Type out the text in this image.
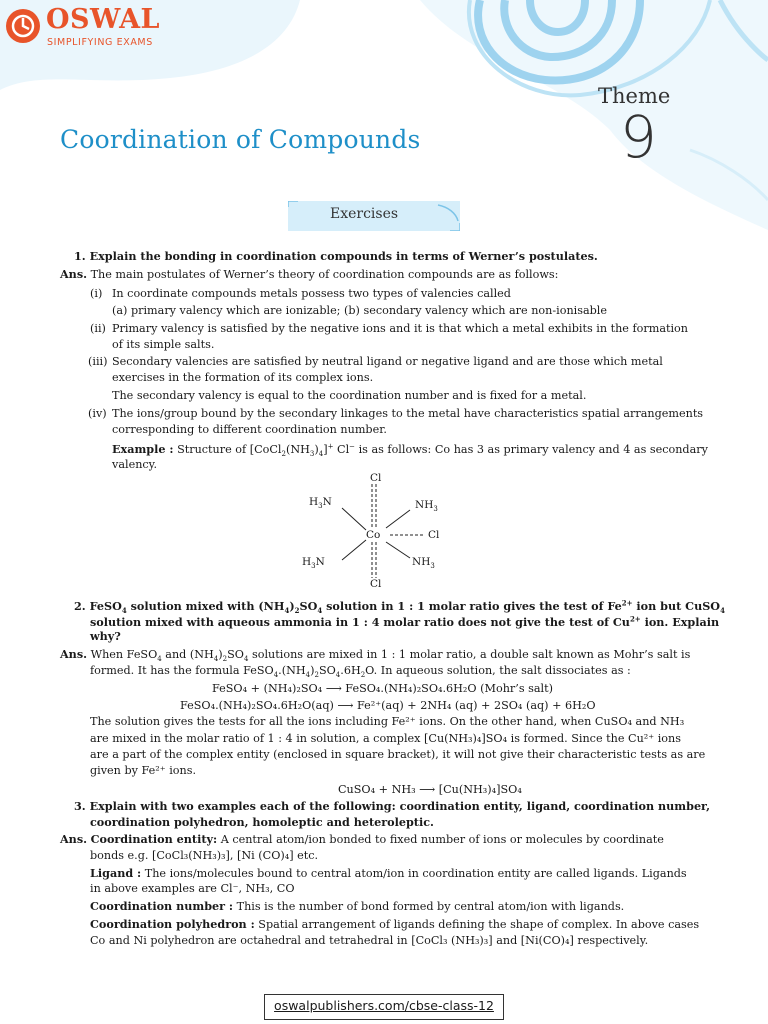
OSWAL
SIMPLIFYING EXAMS
Theme
9
Coordination of Compounds
Exercises
1. Explain the bonding in coordination compounds in terms of Werner’s postulates.
Ans. The main postulates of Werner’s theory of coordination compounds are as follows:
(i) In coordinate compounds metals possess two types of valencies called
(a) primary valency which are ionizable; (b) secondary valency which are non-ionisable
(ii) Primary valency is satisfied by the negative ions and it is that which a metal exhibits in the formation
of its simple salts.
(iii) Secondary valencies are satisfied by neutral ligand or negative ligand and are those which metal
exercises in the formation of its complex ions.
The secondary valency is equal to the coordination number and is fixed for a metal.
(iv) The ions/group bound by the secondary linkages to the metal have characteristics spatial arrangements
corresponding to different coordination number.
Example : Structure of $[CoCl_2(NH_3)_4]^+$ Cl− is as follows: Co has 3 as primary valency and 4 as secondary
valency.
Cl
$H_3N$	$NH_3$
Co	Cl
$H_3N$	$NH_3$
Cl
2. FeSO$_4$ solution mixed with $(NH_4)_2SO_4$ solution in 1 : 1 molar ratio gives the test of $Fe^{2+}$ ion but CuSO$_4$
solution mixed with aqueous ammonia in 1 : 4 molar ratio does not give the test of $Cu^{2+}$ ion. Explain
why?
Ans. When FeSO$_4$ and $(NH_4)_2SO_4$ solutions are mixed in 1 : 1 molar ratio, a double salt known as Mohr’s salt is
formed. It has the formula $FeSO_4.(NH_4)_2SO_4.6H_2O$. In aqueous solution, the salt dissociates as :
FeSO₄ + (NH₄)₂SO₄ ⟶ FeSO₄.(NH₄)₂SO₄.6H₂O (Mohr’s salt)
FeSO₄.(NH₄)₂SO₄.6H₂O(aq) ⟶ Fe²⁺(aq) + 2NH₄ (aq) + 2SO₄ (aq) + 6H₂O
The solution gives the tests for all the ions including Fe²⁺ ions. On the other hand, when CuSO₄ and NH₃
are mixed in the molar ratio of 1 : 4 in solution, a complex [Cu(NH₃)₄]SO₄ is formed. Since the Cu²⁺ ions
are a part of the complex entity (enclosed in square bracket), it will not give their characteristic tests as are
given by Fe²⁺ ions.
CuSO₄ + NH₃ ⟶ [Cu(NH₃)₄]SO₄
3. Explain with two examples each of the following: coordination entity, ligand, coordination number,
coordination polyhedron, homoleptic and heteroleptic.
Ans. Coordination entity: A central atom/ion bonded to fixed number of ions or molecules by coordinate
bonds e.g. [CoCl₃(NH₃)₃], [Ni (CO)₄] etc.
Ligand : The ions/molecules bound to central atom/ion in coordination entity are called ligands. Ligands
in above examples are Cl⁻, NH₃, CO
Coordination number : This is the number of bond formed by central atom/ion with ligands.
Coordination polyhedron : Spatial arrangement of ligands defining the shape of complex. In above cases
Co and Ni polyhedron are octahedral and tetrahedral in [CoCl₃ (NH₃)₃] and [Ni(CO)₄] respectively.
oswalpublishers.com/cbse-class-12
